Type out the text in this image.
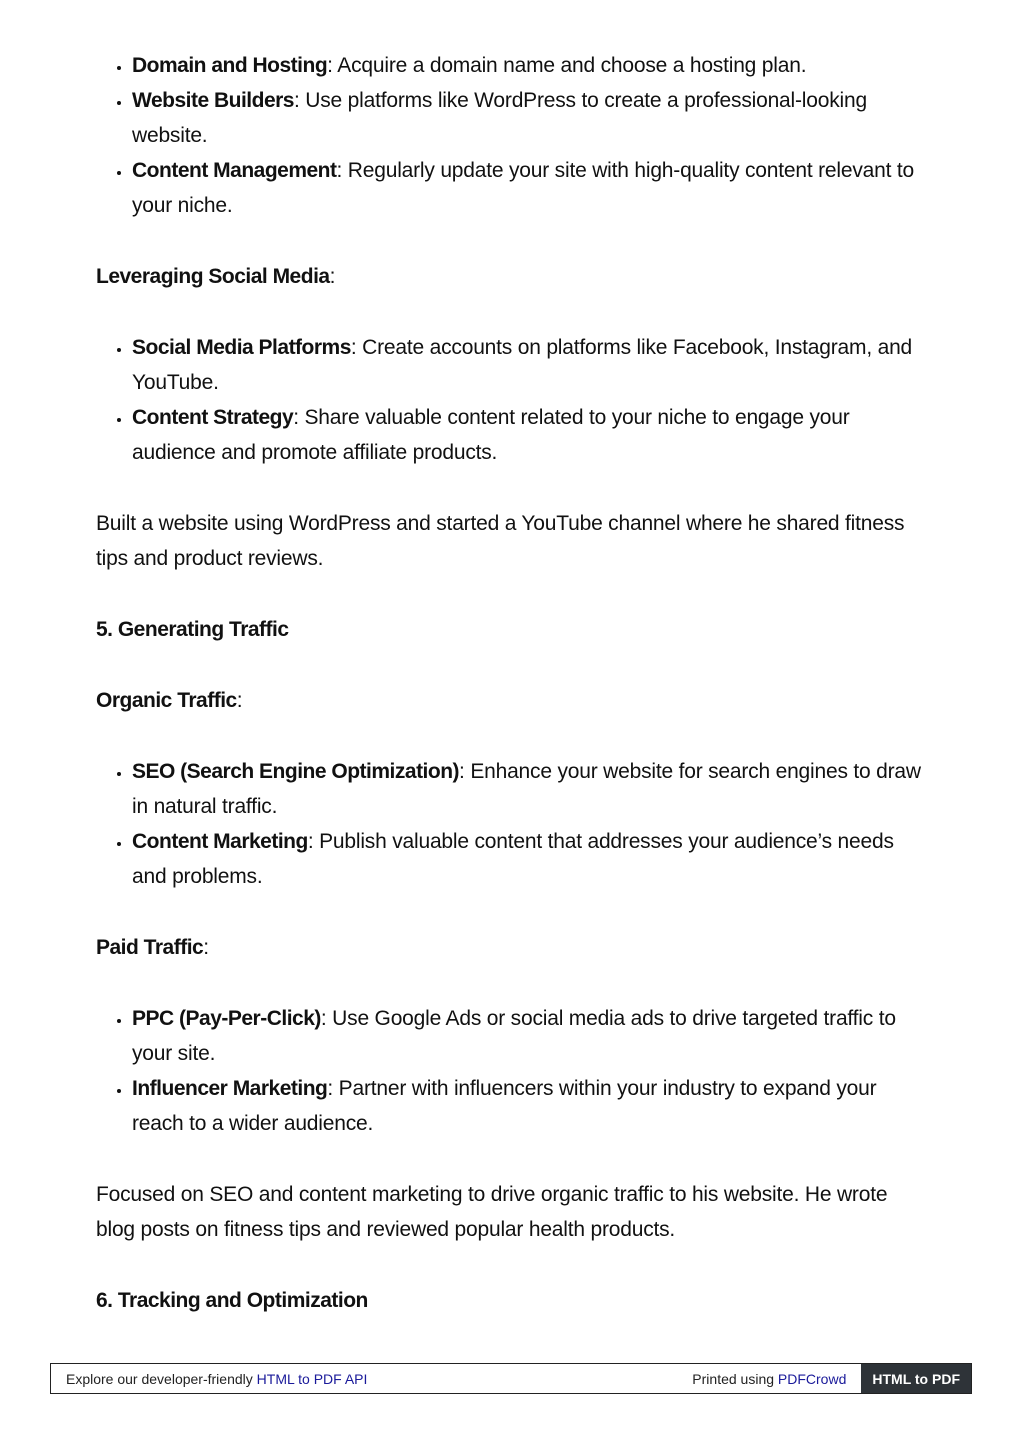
• Domain and Hosting: Acquire a domain name and choose a hosting plan.
• Website Builders: Use platforms like WordPress to create a professional-looking website.
• Content Management: Regularly update your site with high-quality content relevant to your niche.

Leveraging Social Media:

• Social Media Platforms: Create accounts on platforms like Facebook, Instagram, and YouTube.
• Content Strategy: Share valuable content related to your niche to engage your audience and promote affiliate products.

Built a website using WordPress and started a YouTube channel where he shared fitness tips and product reviews.

5. Generating Traffic

Organic Traffic:

• SEO (Search Engine Optimization): Enhance your website for search engines to draw in natural traffic.
• Content Marketing: Publish valuable content that addresses your audience’s needs and problems.

Paid Traffic:

• PPC (Pay-Per-Click): Use Google Ads or social media ads to drive targeted traffic to your site.
• Influencer Marketing: Partner with influencers within your industry to expand your reach to a wider audience.

Focused on SEO and content marketing to drive organic traffic to his website. He wrote blog posts on fitness tips and reviewed popular health products.

6. Tracking and Optimization

Explore our developer-friendly HTML to PDF API	Printed using PDFCrowd	HTML to PDF
